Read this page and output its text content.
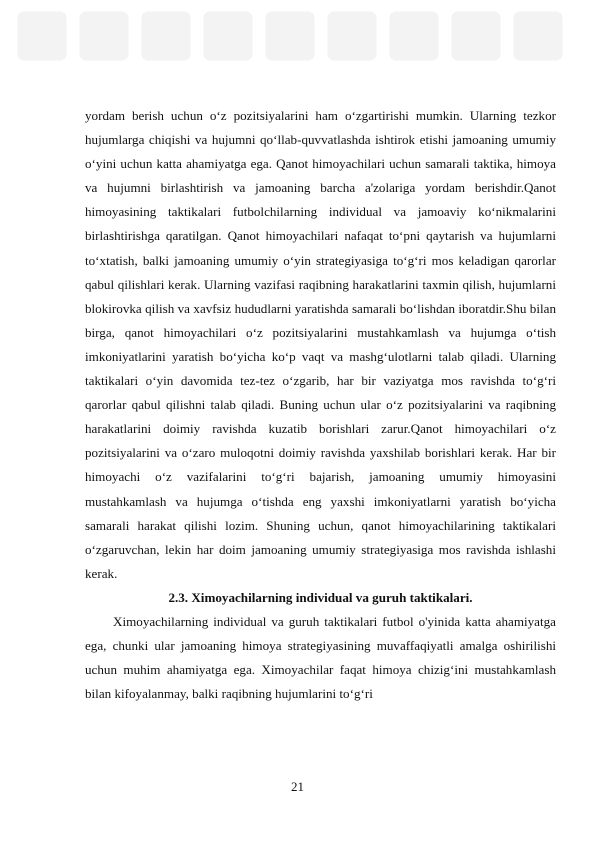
yordam berish uchun o‘z pozitsiyalarini ham o‘zgartirishi mumkin. Ularning tezkor hujumlarga chiqishi va hujumni qo‘llab-quvvatlashda ishtirok etishi jamoaning umumiy o‘yini uchun katta ahamiyatga ega. Qanot himoyachilari uchun samarali taktika, himoya va hujumni birlashtirish va jamoaning barcha a'zolariga yordam berishdir.Qanot himoyasining taktikalari futbolchilarning individual va jamoaviy ko‘nikmalarini birlashtirishga qaratilgan. Qanot himoyachilari nafaqat to‘pni qaytarish va hujumlarni to‘xtatish, balki jamoaning umumiy o‘yin strategiyasiga to‘g‘ri mos keladigan qarorlar qabul qilishlari kerak. Ularning vazifasi raqibning harakatlarini taxmin qilish, hujumlarni blokirovka qilish va xavfsiz hududlarni yaratishda samarali bo‘lishdan iboratdir.Shu bilan birga, qanot himoyachilari o‘z pozitsiyalarini mustahkamlash va hujumga o‘tish imkoniyatlarini yaratish bo‘yicha ko‘p vaqt va mashg‘ulotlarni talab qiladi. Ularning taktikalari o‘yin davomida tez-tez o‘zgarib, har bir vaziyatga mos ravishda to‘g‘ri qarorlar qabul qilishni talab qiladi. Buning uchun ular o‘z pozitsiyalarini va raqibning harakatlarini doimiy ravishda kuzatib borishlari zarur.Qanot himoyachilari o‘z pozitsiyalarini va o‘zaro muloqotni doimiy ravishda yaxshilab borishlari kerak. Har bir himoyachi o‘z vazifalarini to‘g‘ri bajarish, jamoaning umumiy himoyasini mustahkamlash va hujumga o‘tishda eng yaxshi imkoniyatlarni yaratish bo‘yicha samarali harakat qilishi lozim. Shuning uchun, qanot himoyachilarining taktikalari o‘zgaruvchan, lekin har doim jamoaning umumiy strategiyasiga mos ravishda ishlashi kerak.

2.3. Ximoyachilarning individual va guruh taktikalari.

Ximoyachilarning individual va guruh taktikalari futbol o'yinida katta ahamiyatga ega, chunki ular jamoaning himoya strategiyasining muvaffaqiyatli amalga oshirilishi uchun muhim ahamiyatga ega. Ximoyachilar faqat himoya chizig‘ini mustahkamlash bilan kifoyalanmay, balki raqibning hujumlarini to‘g‘ri

21
